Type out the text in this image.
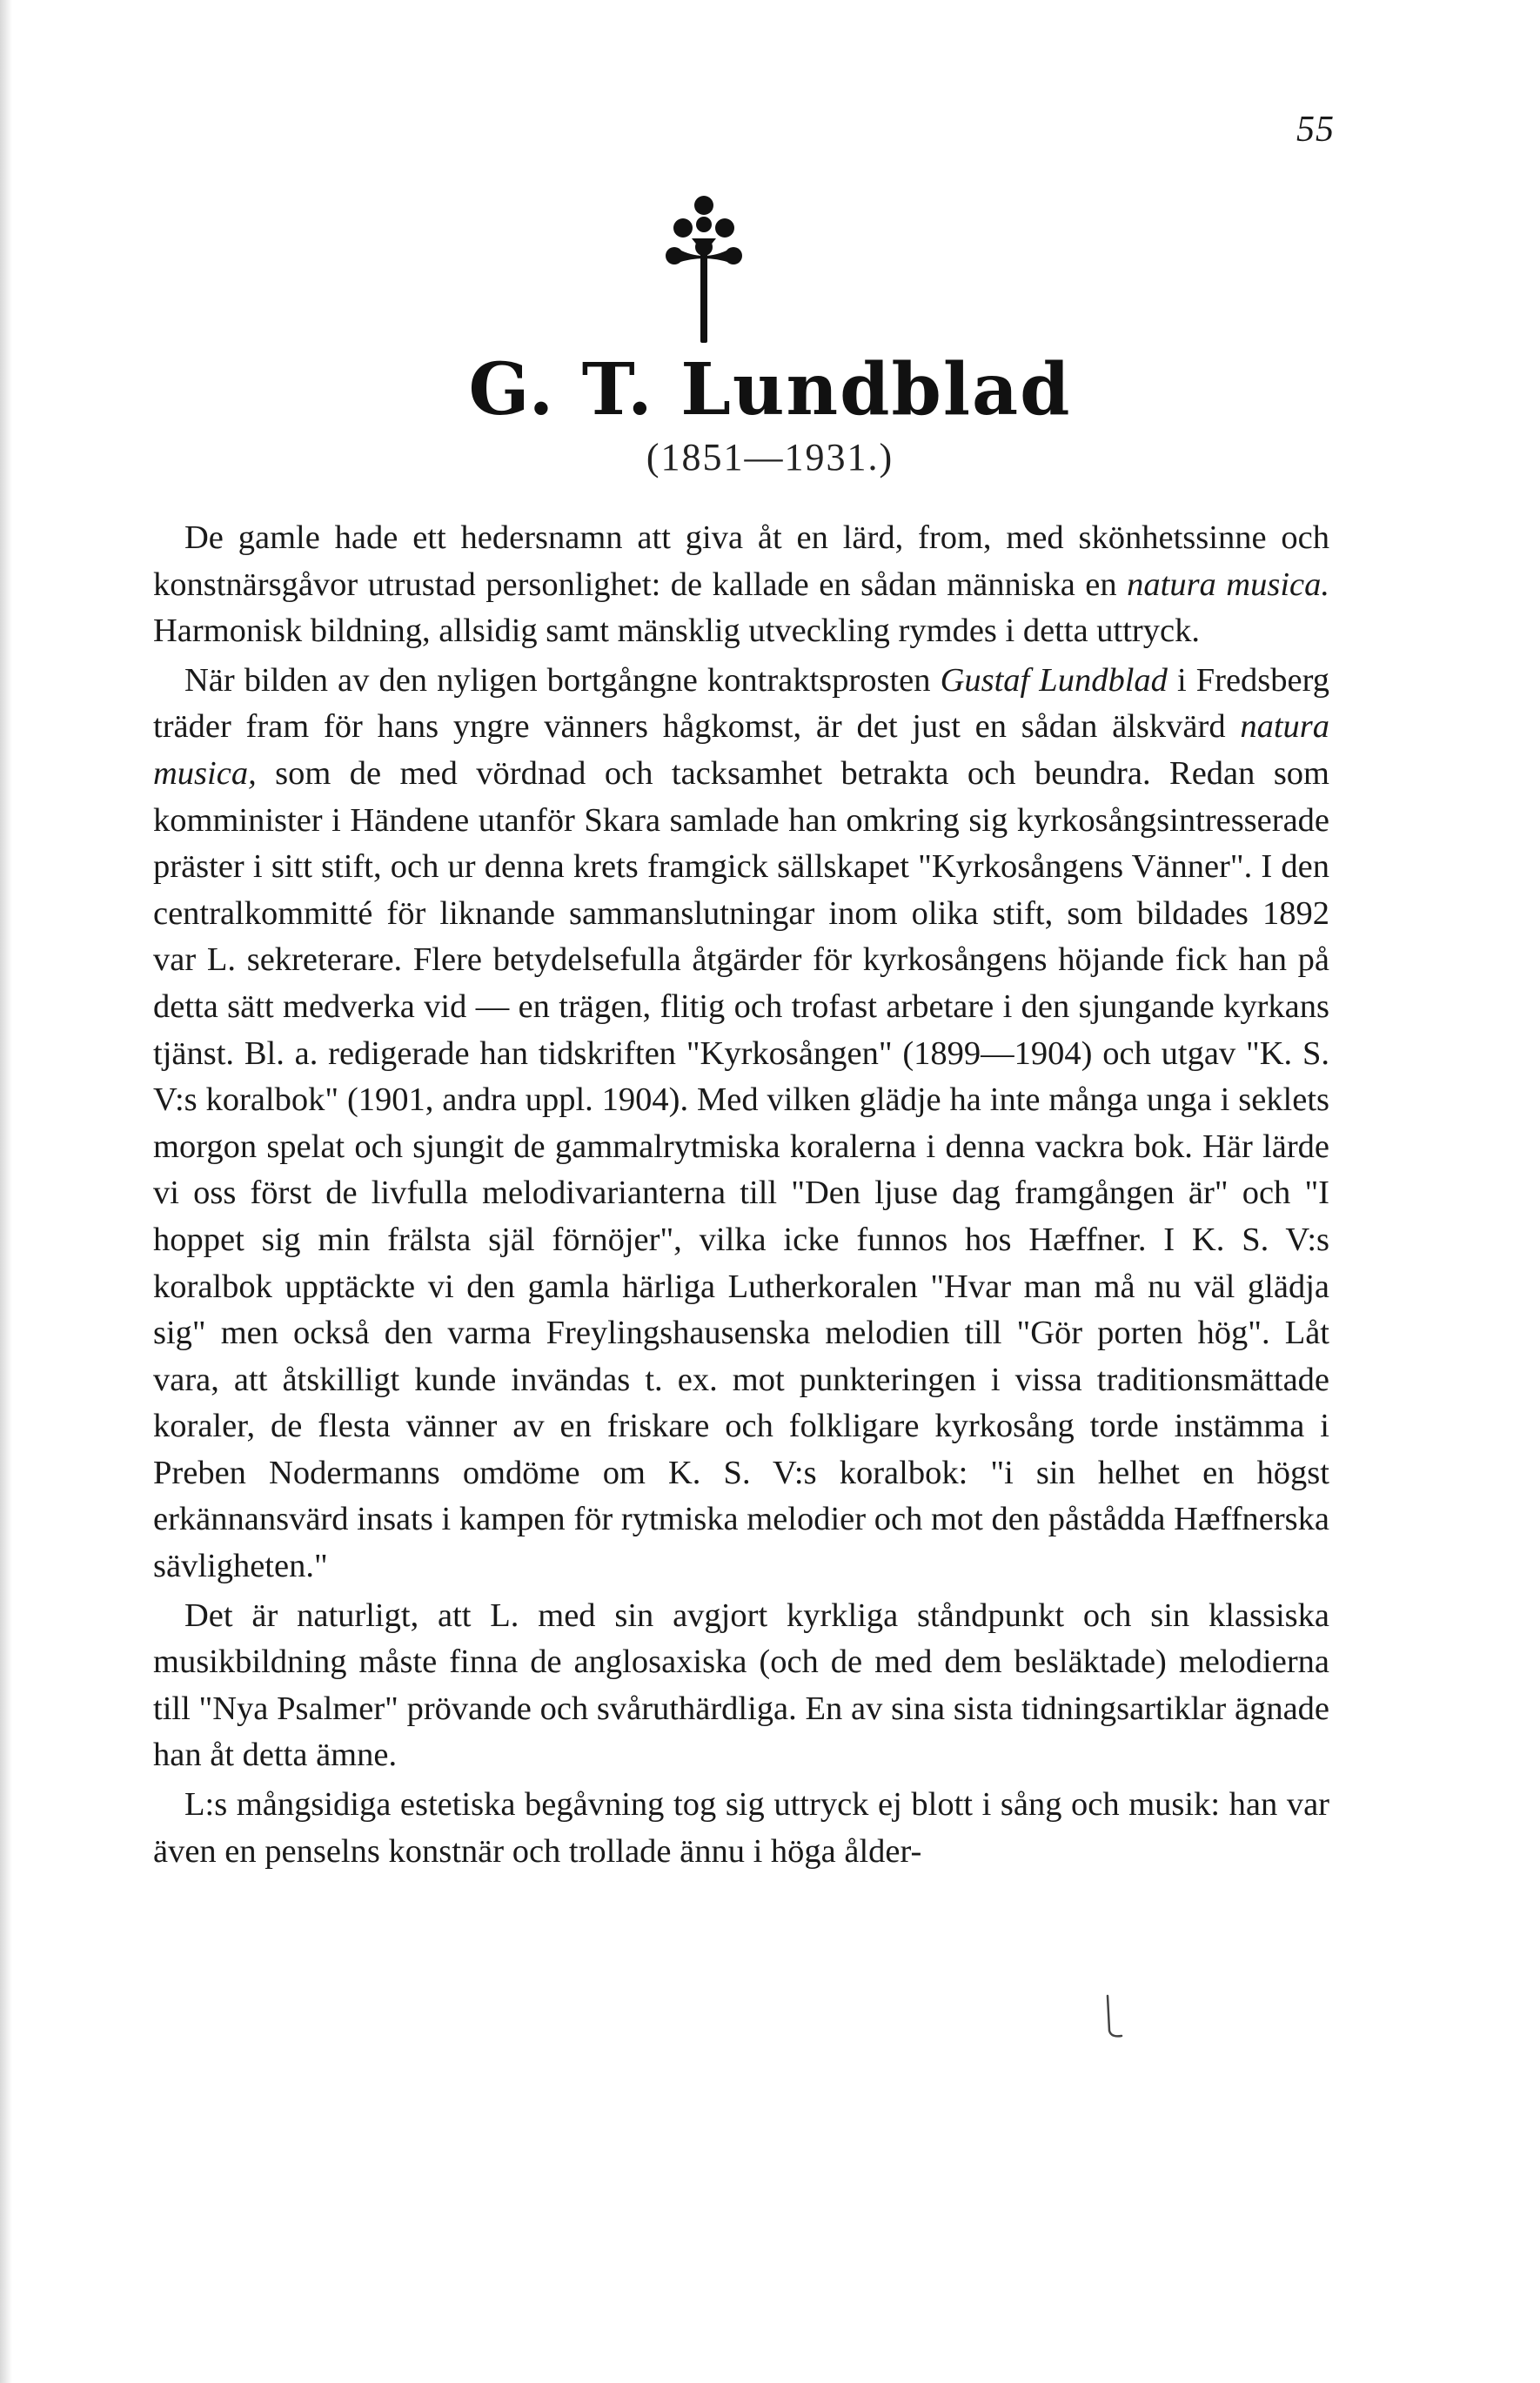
55
G. T. Lundblad
(1851—1931.)

De gamle hade ett hedersnamn att giva åt en lärd, from, med skönhetssinne och konstnärsgåvor utrustad personlighet: de kallade en sådan människa en natura musica. Harmonisk bildning, allsidig samt mänsklig utveckling rymdes i detta uttryck.

När bilden av den nyligen bortgångne kontraktsprosten Gustaf Lundblad i Fredsberg träder fram för hans yngre vänners hågkomst, är det just en sådan älskvärd natura musica, som de med vördnad och tacksamhet betrakta och beundra. Redan som komminister i Händene utanför Skara samlade han omkring sig kyrkosångsintresserade präster i sitt stift, och ur denna krets framgick sällskapet "Kyrkosångens Vänner". I den centralkommitté för liknande sammanslutningar inom olika stift, som bildades 1892 var L. sekreterare. Flere betydelsefulla åtgärder för kyrkosångens höjande fick han på detta sätt medverka vid — en trägen, flitig och trofast arbetare i den sjungande kyrkans tjänst. Bl. a. redigerade han tidskriften "Kyrkosången" (1899—1904) och utgav "K. S. V:s koralbok" (1901, andra uppl. 1904). Med vilken glädje ha inte många unga i seklets morgon spelat och sjungit de gammalrytmiska koralerna i denna vackra bok. Här lärde vi oss först de livfulla melodivarianterna till "Den ljuse dag framgången är" och "I hoppet sig min frälsta själ förnöjer", vilka icke funnos hos Hæffner. I K. S. V:s koralbok upptäckte vi den gamla härliga Lutherkoralen "Hvar man må nu väl glädja sig" men också den varma Freylingshausenska melodien till "Gör porten hög". Låt vara, att åtskilligt kunde invändas t. ex. mot punkteringen i vissa traditionsmättade koraler, de flesta vänner av en friskare och folkligare kyrkosång torde instämma i Preben Nodermanns omdöme om K. S. V:s koralbok: "i sin helhet en högst erkännansvärd insats i kampen för rytmiska melodier och mot den påstådda Hæffnerska sävligheten."

Det är naturligt, att L. med sin avgjort kyrkliga ståndpunkt och sin klassiska musikbildning måste finna de anglosaxiska (och de med dem besläktade) melodierna till "Nya Psalmer" prövande och svåruthärdliga. En av sina sista tidningsartiklar ägnade han åt detta ämne.

L:s mångsidiga estetiska begåvning tog sig uttryck ej blott i sång och musik: han var även en penselns konstnär och trollade ännu i höga ålder-
